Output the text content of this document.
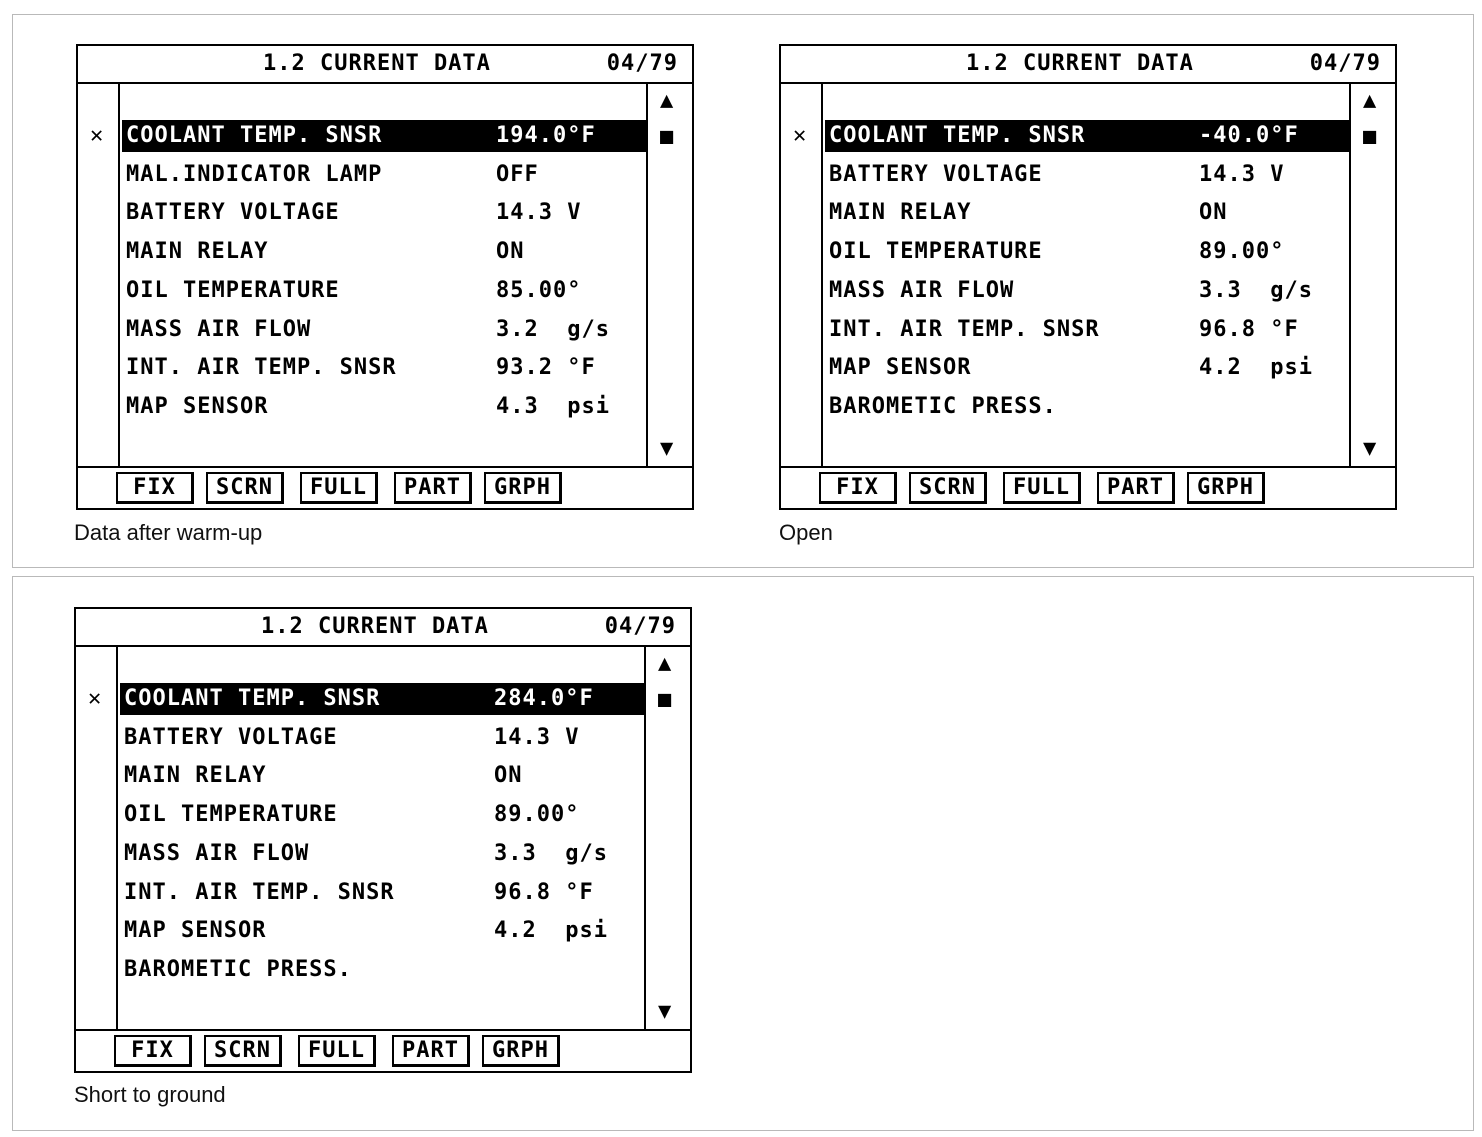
1.2 CURRENT DATA	04/79
✕ COOLANT TEMP. SNSR	194.0°F
MAL.INDICATOR LAMP	OFF
BATTERY VOLTAGE	14.3 V
MAIN RELAY	ON
OIL TEMPERATURE	85.00°
MASS AIR FLOW	3.2  g/s
INT. AIR TEMP. SNSR	93.2 °F
MAP SENSOR	4.3  psi
▲
■
▼
FIX	SCRN	FULL	PART	GRPH
Data after warm-up
1.2 CURRENT DATA	04/79
✕ COOLANT TEMP. SNSR	-40.0°F
BATTERY VOLTAGE	14.3 V
MAIN RELAY	ON
OIL TEMPERATURE	89.00°
MASS AIR FLOW	3.3  g/s
INT. AIR TEMP. SNSR	96.8 °F
MAP SENSOR	4.2  psi
BAROMETIC PRESS.
▲
■
▼
FIX	SCRN	FULL	PART	GRPH
Open
1.2 CURRENT DATA	04/79
✕ COOLANT TEMP. SNSR	284.0°F
BATTERY VOLTAGE	14.3 V
MAIN RELAY	ON
OIL TEMPERATURE	89.00°
MASS AIR FLOW	3.3  g/s
INT. AIR TEMP. SNSR	96.8 °F
MAP SENSOR	4.2  psi
BAROMETIC PRESS.
▲
■
▼
FIX	SCRN	FULL	PART	GRPH
Short to ground
